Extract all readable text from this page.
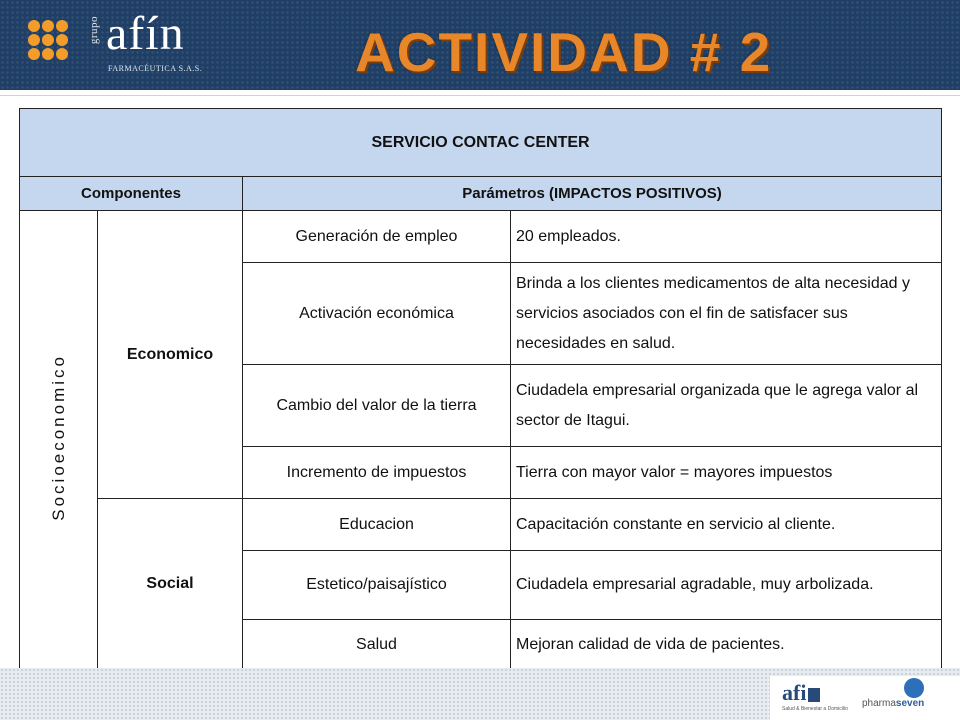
grupo afín
FARMACÉUTICA S.A.S.	ACTIVIDAD # 2
SERVICIO CONTAC CENTER			
Componentes		Parámetros (IMPACTOS POSITIVOS)	
Socioeconomico	Economico	Generación de empleo	20 empleados.
		Activación económica	Brinda a los clientes medicamentos de alta necesidad y servicios asociados con el fin de satisfacer sus necesidades en salud.
		Cambio del valor de la tierra	Ciudadela empresarial organizada que le agrega valor al sector de Itagui.
		Incremento de impuestos	Tierra con mayor valor = mayores impuestos
	Social	Educacion	Capacitación constante en servicio al cliente.
		Estetico/paisajístico	Ciudadela empresarial agradable, muy arbolizada.
		Salud	Mejoran calidad de vida de pacientes.
afi
Salud & Bienestar a Domicilio pharmaseven
